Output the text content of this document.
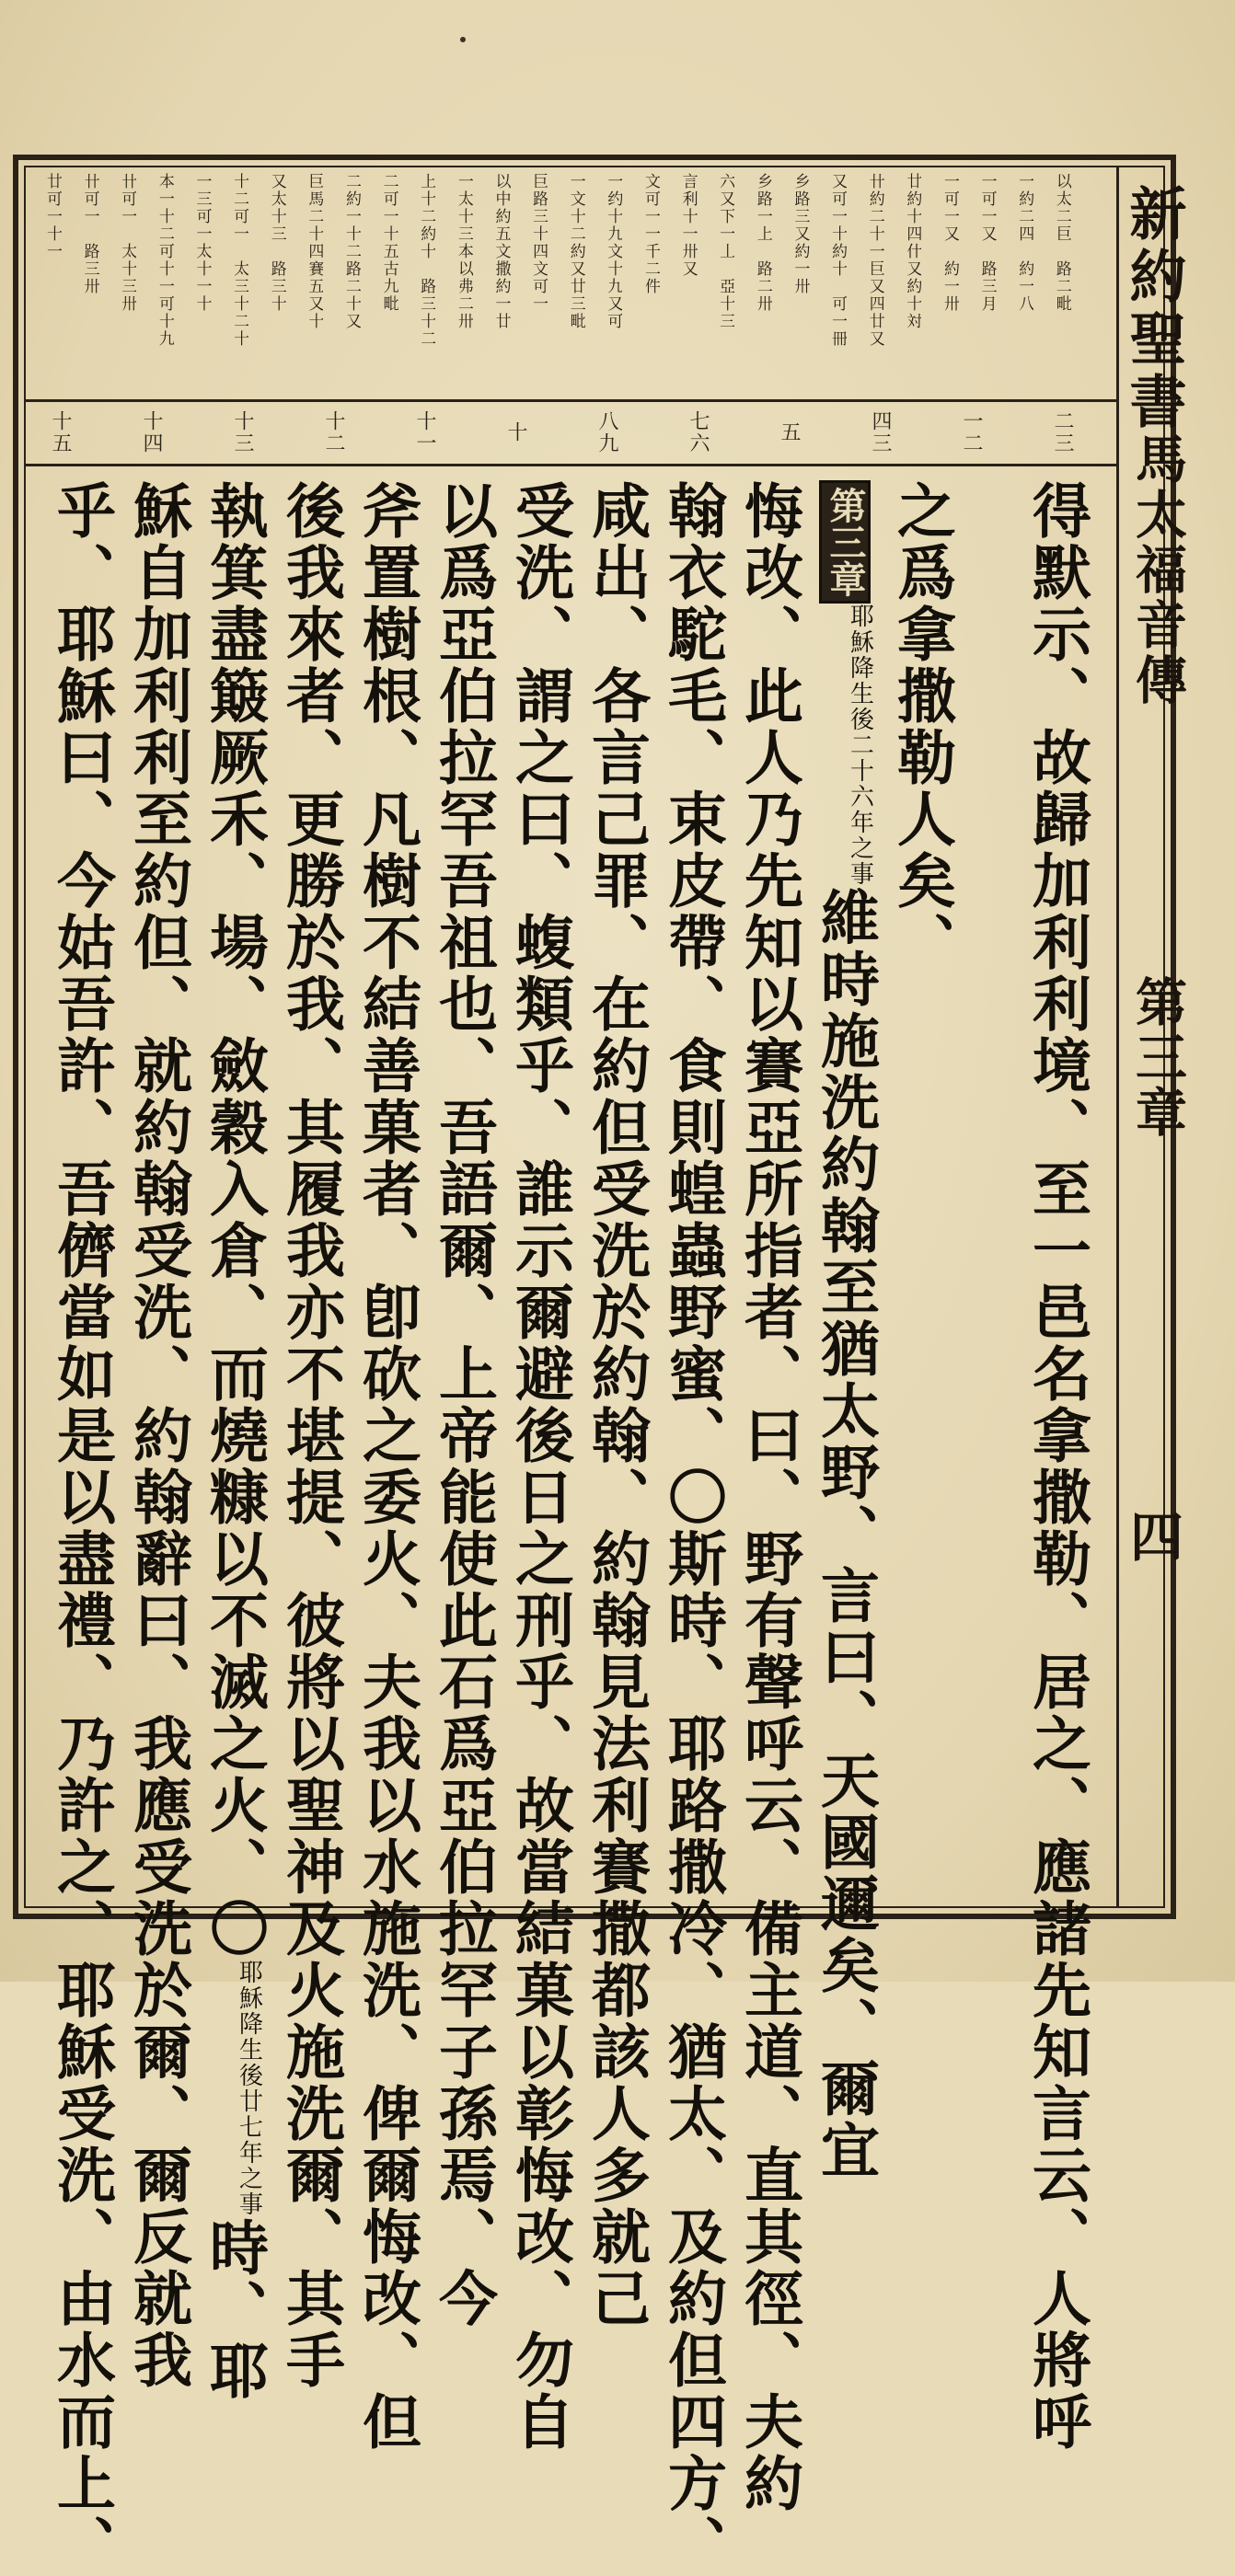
新約聖書
馬太福音傳
第三章
四
以太二巨　路二毗
一約二四　約一八
一可一又　路三月
一可一又　約一卅
廿約十四什又約十対
卄約二十一巨又四廿又
又可一十約十　可一冊
乡路三又約一卅
乡路一上　路二卅
六又下一丄　亞十三
言利十一卅又
文可一一千二件
一约十九文十九又可
一文十二約又廿三毗
巨路三十四文可一
以中約五文撒約一廿
一太十三本以弗二卅
上十二約十　路三十二
二可一十五古九毗
二約一十二路二十又
巨馬二十四賽五又十
又太十三　路三十
十二可一　太三十二十
一三可一太十一十
本一十二可十一可十九
卄可一　太十三卅
卄可一　路三卅
廿可一十一
二三
一二
四三
五
七六
八九
十
十一
十二
十三
十四
十五
得默示、故歸加利利境、至一邑名拿撒勒、居之、應諸先知言云、人將呼
之爲拿撒勒人矣、
第三章耶穌降生後二十六年之事維時施洗約翰至猶太野、言曰、天國邇矣、爾宜
悔改、此人乃先知以賽亞所指者、曰、野有聲呼云、備主道、直其徑、夫約
翰衣駝毛、束皮帶、食則蝗蟲野蜜、〇斯時、耶路撒冷、猶太、及約但四方、
咸出、各言己罪、在約但受洗於約翰、約翰見法利賽撒都該人多就己
受洗、謂之曰、蝮類乎、誰示爾避後日之刑乎、故當結菓以彰悔改、勿自
以爲亞伯拉罕吾祖也、吾語爾、上帝能使此石爲亞伯拉罕子孫焉、今
斧置樹根、凡樹不結善菓者、卽砍之委火、夫我以水施洗、俾爾悔改、但
後我來者、更勝於我、其履我亦不堪提、彼將以聖神及火施洗爾、其手
執箕盡簸厥禾、場、斂穀入倉、而燒糠以不滅之火、〇耶穌降生後廿七年之事時、耶
穌自加利利至約但、就約翰受洗、約翰辭曰、我應受洗於爾、爾反就我
乎、耶穌曰、今姑吾許、吾儕當如是以盡禮、乃許之、耶穌受洗、由水而上、
